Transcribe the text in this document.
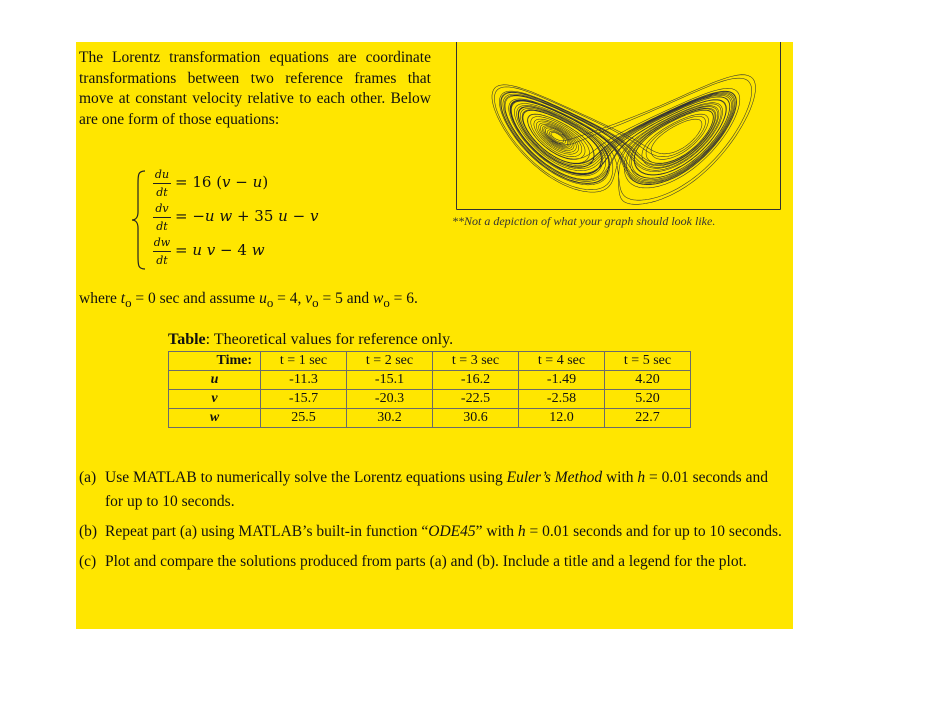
The Lorentz transformation equations are coordinate transformations between two reference frames that move at constant velocity relative to each other. Below are one form of those equations:
**Not a depiction of what your graph should look like.
du
dt
= 16 (v − u)
dv
dt
= −u w + 35 u − v
dw
dt
= u v − 4 w
where $t_o = 0$ sec and assume $u_o = 4$, $v_o = 5$ and $w_o = 6$.
Table: Theoretical values for reference only.
Time:	t = 1 sec	t = 2 sec	t = 3 sec	t = 4 sec	t = 5 sec
u	-11.3	-15.1	-16.2	-1.49	4.20
v	-15.7	-20.3	-22.5	-2.58	5.20
w	25.5	30.2	30.6	12.0	22.7
(a) Use MATLAB to numerically solve the Lorentz equations using Euler’s Method with h = 0.01 seconds and for up to 10 seconds.
(b) Repeat part (a) using MATLAB’s built-in function “ODE45” with h = 0.01 seconds and for up to 10 seconds.
(c) Plot and compare the solutions produced from parts (a) and (b). Include a title and a legend for the plot.
